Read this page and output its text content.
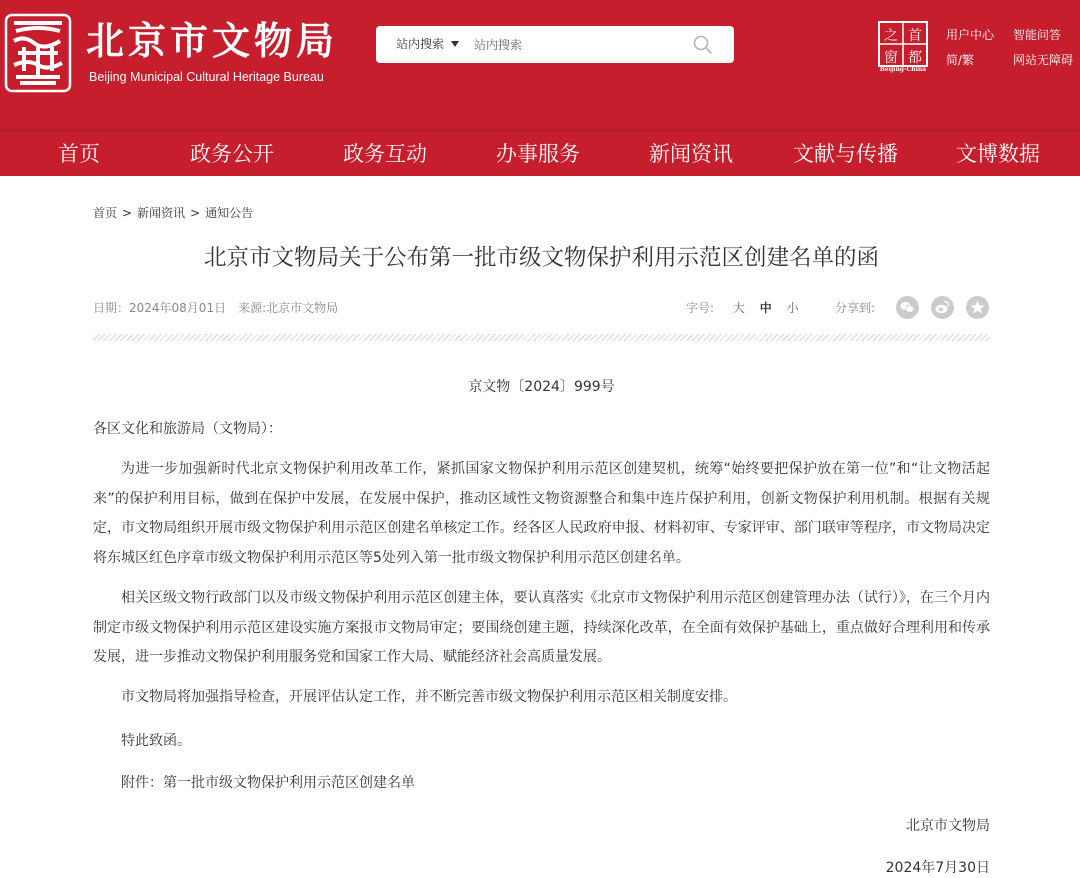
北京市文物局
Beijing Municipal Cultural Heritage Bureau
站内搜索
站内搜索	之 首
窗 都
Beijing-China
用户中心 智能问答
简/繁	网站无障碍
首页	政务公开	政务互动	办事服务	新闻资讯	文献与传播	文博数据
首页 > 新闻资讯 > 通知公告
北京市文物局关于公布第一批市级文物保护利用示范区创建名单的函
日期：2024年08月01日 来源:北京市文物局	字号: 大 中 小	分享到:
京文物〔2024〕999号
各区文化和旅游局（文物局）：

为进一步加强新时代北京文物保护利用改革工作，紧抓国家文物保护利用示范区创建契机，统筹“始终要把保护放在第一位”和“让文物活起来”的保护利用目标，做到在保护中发展，在发展中保护，推动区域性文物资源整合和集中连片保护利用，创新文物保护利用机制。根据有关规定，市文物局组织开展市级文物保护利用示范区创建名单核定工作。经各区人民政府申报、材料初审、专家评审、部门联审等程序，市文物局决定将东城区红色序章市级文物保护利用示范区等5处列入第一批市级文物保护利用示范区创建名单。

相关区级文物行政部门以及市级文物保护利用示范区创建主体，要认真落实《北京市文物保护利用示范区创建管理办法（试行）》，在三个月内制定市级文物保护利用示范区建设实施方案报市文物局审定；要围绕创建主题，持续深化改革，在全面有效保护基础上，重点做好合理利用和传承发展，进一步推动文物保护利用服务党和国家工作大局、赋能经济社会高质量发展。

市文物局将加强指导检查，开展评估认定工作，并不断完善市级文物保护利用示范区相关制度安排。

特此致函。

附件：第一批市级文物保护利用示范区创建名单

北京市文物局
2024年7月30日
